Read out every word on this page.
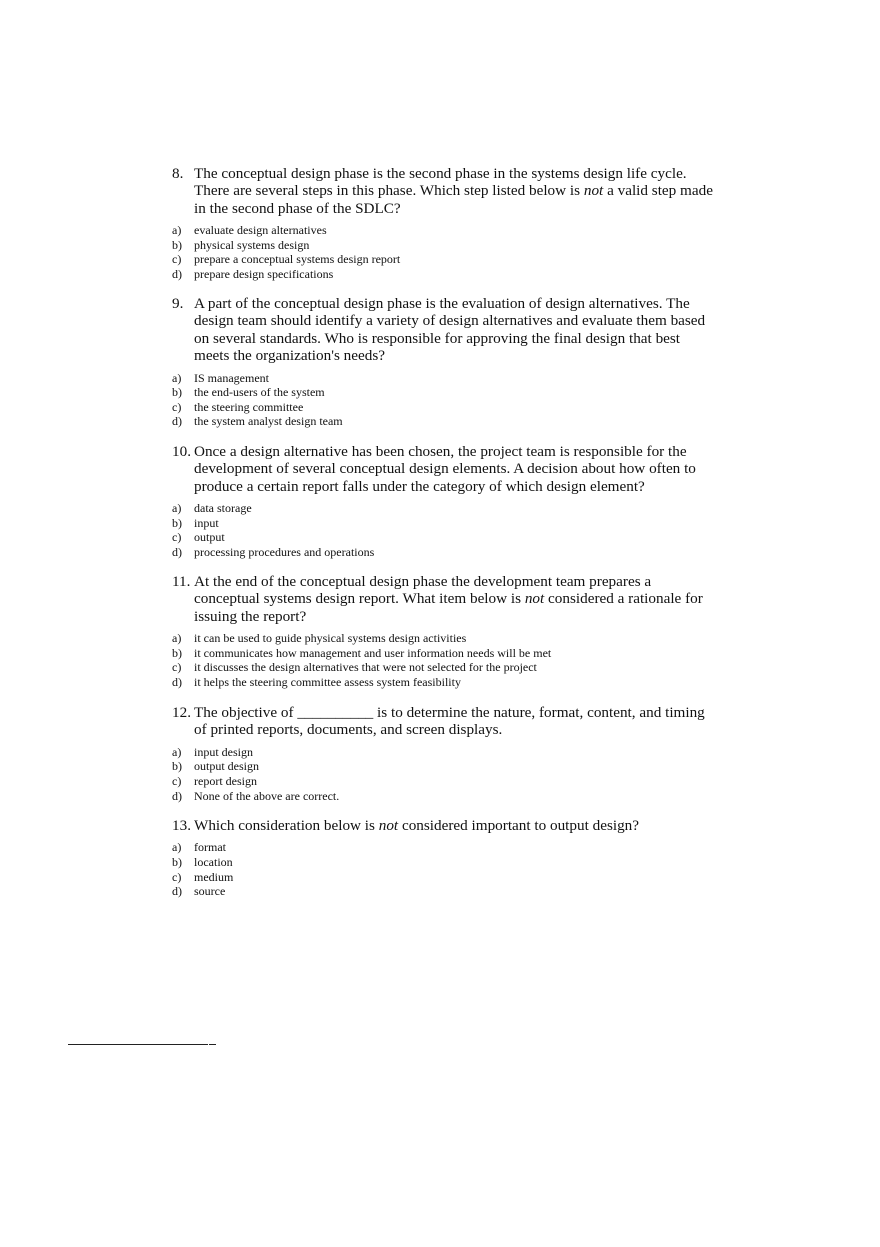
8. The conceptual design phase is the second phase in the systems design life cycle. There are several steps in this phase. Which step listed below is not a valid step made in the second phase of the SDLC?
a)	evaluate design alternatives
b)	physical systems design
c)	prepare a conceptual systems design report
d)	prepare design specifications
9. A part of the conceptual design phase is the evaluation of design alternatives. The design team should identify a variety of design alternatives and evaluate them based on several standards. Who is responsible for approving the final design that best meets the organization's needs?
a)	IS management
b)	the end-users of the system
c)	the steering committee
d)	the system analyst design team
10. Once a design alternative has been chosen, the project team is responsible for the development of several conceptual design elements. A decision about how often to produce a certain report falls under the category of which design element?
a)	data storage
b)	input
c)	output
d)	processing procedures and operations
11. At the end of the conceptual design phase the development team prepares a conceptual systems design report. What item below is not considered a rationale for issuing the report?
a)	it can be used to guide physical systems design activities
b)	it communicates how management and user information needs will be met
c)	it discusses the design alternatives that were not selected for the project
d)	it helps the steering committee assess system feasibility
12. The objective of __________ is to determine the nature, format, content, and timing of printed reports, documents, and screen displays.
a)	input design
b)	output design
c)	report design
d)	None of the above are correct.
13. Which consideration below is not considered important to output design?
a)	format
b)	location
c)	medium
d)	source
